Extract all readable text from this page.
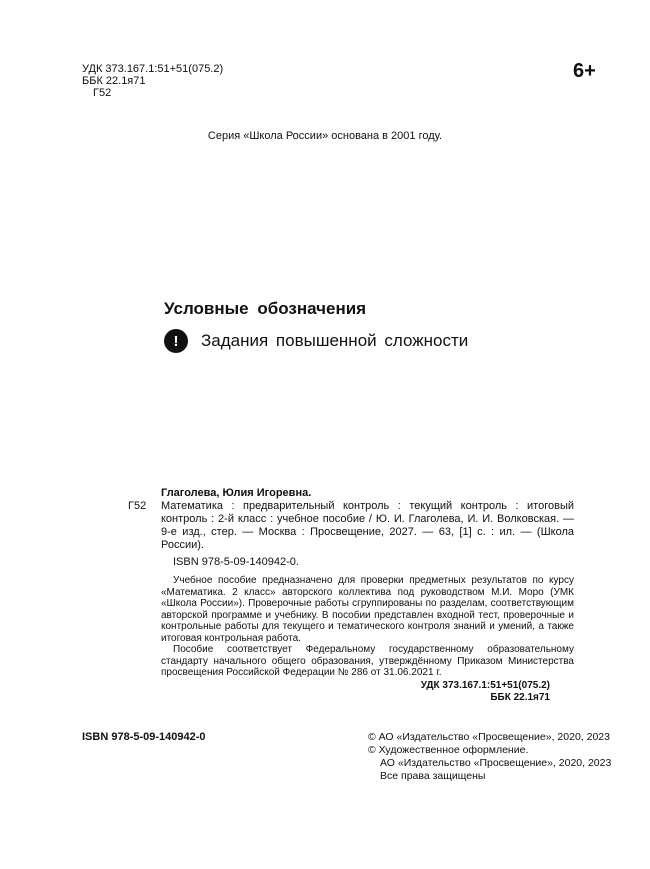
УДК 373.167.1:51+51(075.2)
ББК 22.1я71
Г52
6+
Серия «Школа России» основана в 2001 году.
Условные обозначения
!	Задания повышенной сложности
Г52
Глаголева, Юлия Игоревна.

Математика : предварительный контроль : текущий контроль : итоговый контроль : 2-й класс : учебное пособие / Ю. И. Глаголева, И. И. Волковская. — 9-е изд., стер. — Москва : Просвещение, 2027. — 63, [1] с. : ил. — (Школа России).

ISBN 978-5-09-140942-0.

Учебное пособие предназначено для проверки предметных результатов по курсу «Математика. 2 класс» авторского коллектива под руководством М.И. Моро (УМК «Школа России»). Проверочные работы сгруппированы по разделам, соответствующим авторской программе и учебнику. В пособии представлен входной тест, проверочные и контрольные работы для текущего и тематического контроля знаний и умений, а также итоговая контрольная работа.

Пособие соответствует Федеральному государственному образовательному стандарту начального общего образования, утверждённому Приказом Министерства просвещения Российской Федерации № 286 от 31.06.2021 г.

УДК 373.167.1:51+51(075.2)
ББК 22.1я71
ISBN 978-5-09-140942-0	© АО «Издательство «Просвещение», 2020, 2023
© Художественное оформление.
АО «Издательство «Просвещение», 2020, 2023
Все права защищены
